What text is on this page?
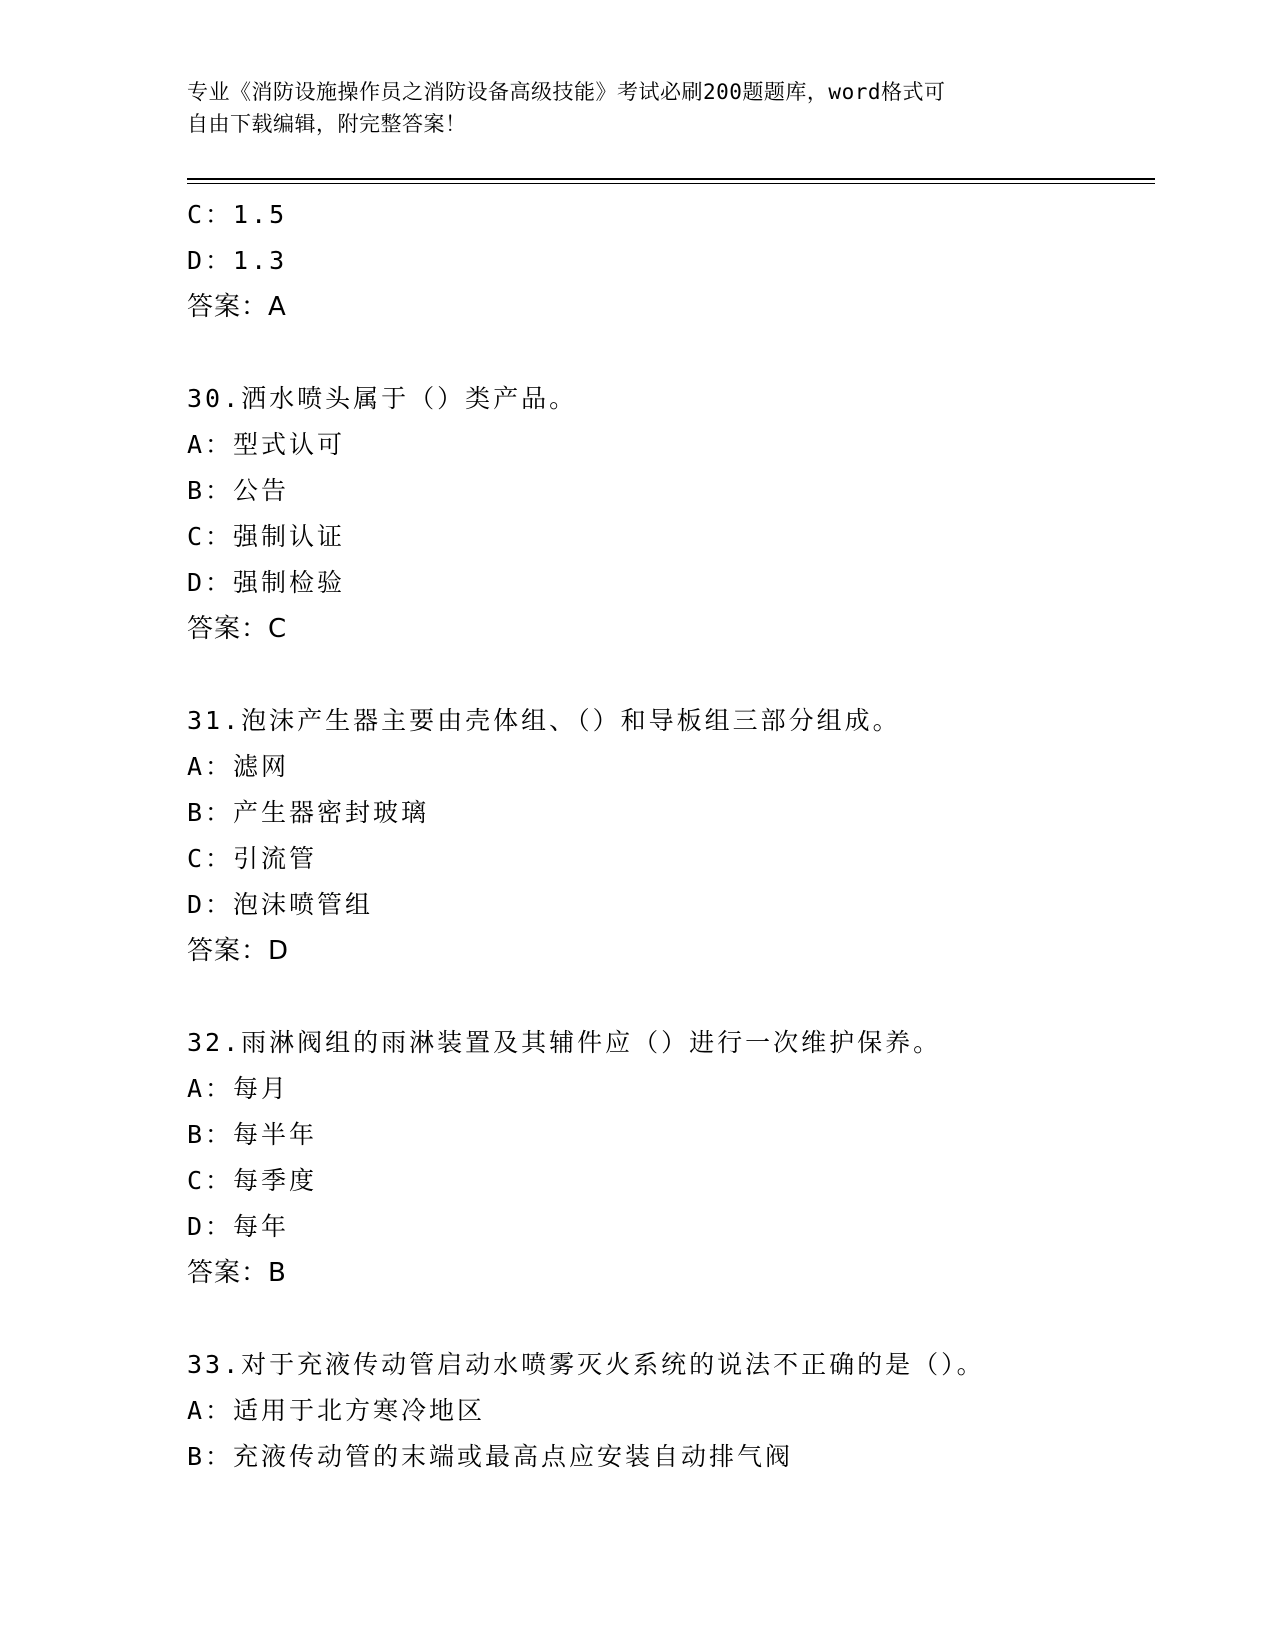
专业《消防设施操作员之消防设备高级技能》考试必刷200题题库，word格式可
自由下载编辑，附完整答案！
C：1.5
D：1.3
答案：A
30.洒水喷头属于（）类产品。
A：型式认可
B：公告
C：强制认证
D：强制检验
答案：C
31.泡沫产生器主要由壳体组、（）和导板组三部分组成。
A：滤网
B：产生器密封玻璃
C：引流管
D：泡沫喷管组
答案：D
32.雨淋阀组的雨淋装置及其辅件应（）进行一次维护保养。
A：每月
B：每半年
C：每季度
D：每年
答案：B
33.对于充液传动管启动水喷雾灭火系统的说法不正确的是（）。
A：适用于北方寒冷地区
B：充液传动管的末端或最高点应安装自动排气阀
